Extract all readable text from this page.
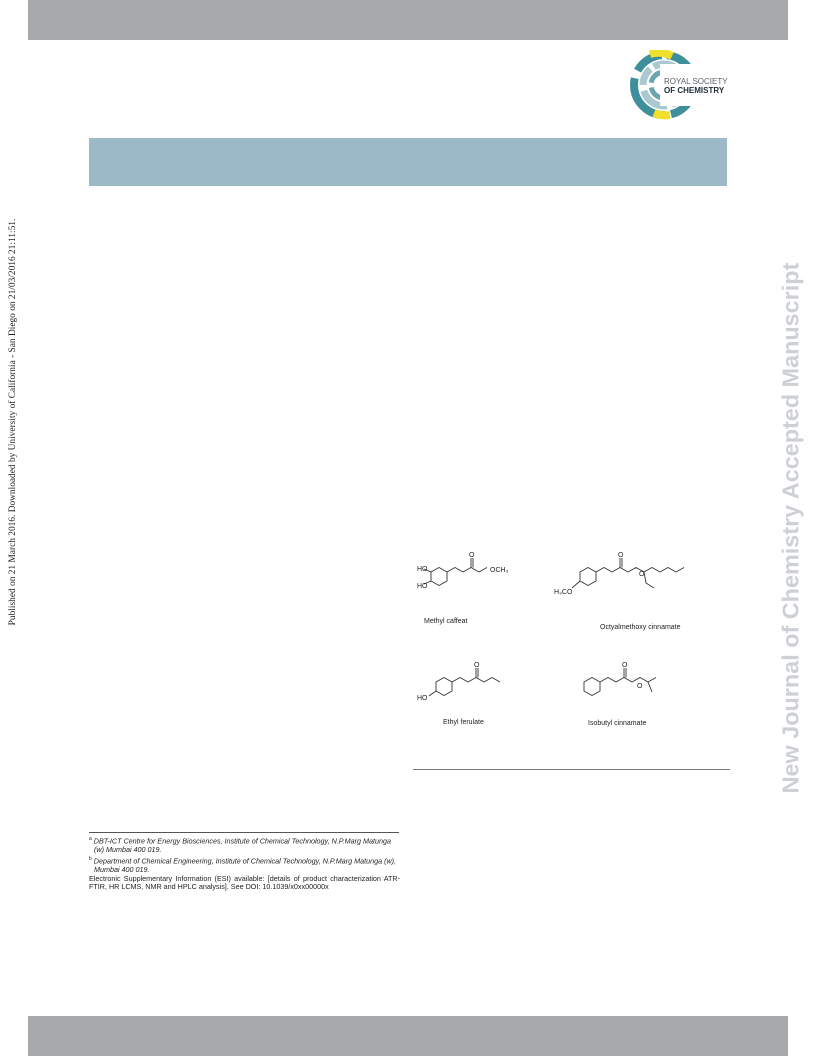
ROYAL SOCIETY
OF CHEMISTRY
Published on 21 March 2016. Downloaded by University of California - San Diego on 21/03/2016 21:11:51.	New Journal of Chemistry Accepted Manuscript
HO
HO
OCH₃
O
H₃CO
O
O
HO
O	O
O
Methyl caffeat
Octyalmethoxy cinnamate
Ethyl ferulate	Isobutyl cinnamate
$^a$ DBT-ICT Centre for Energy Biosciences, Institute of Chemical Technology, N.P.Marg Matunga (w) Mumbai 400 019.
$^b$ Department of Chemical Engineering, Institute of Chemical Technology, N.P.Marg Matunga (w), Mumbai 400 019.
Electronic Supplementary Information (ESI) available: [details of product characterization ATR-FTIR, HR LCMS, NMR and HPLC analysis]. See DOI: 10.1039/x0xx00000x
